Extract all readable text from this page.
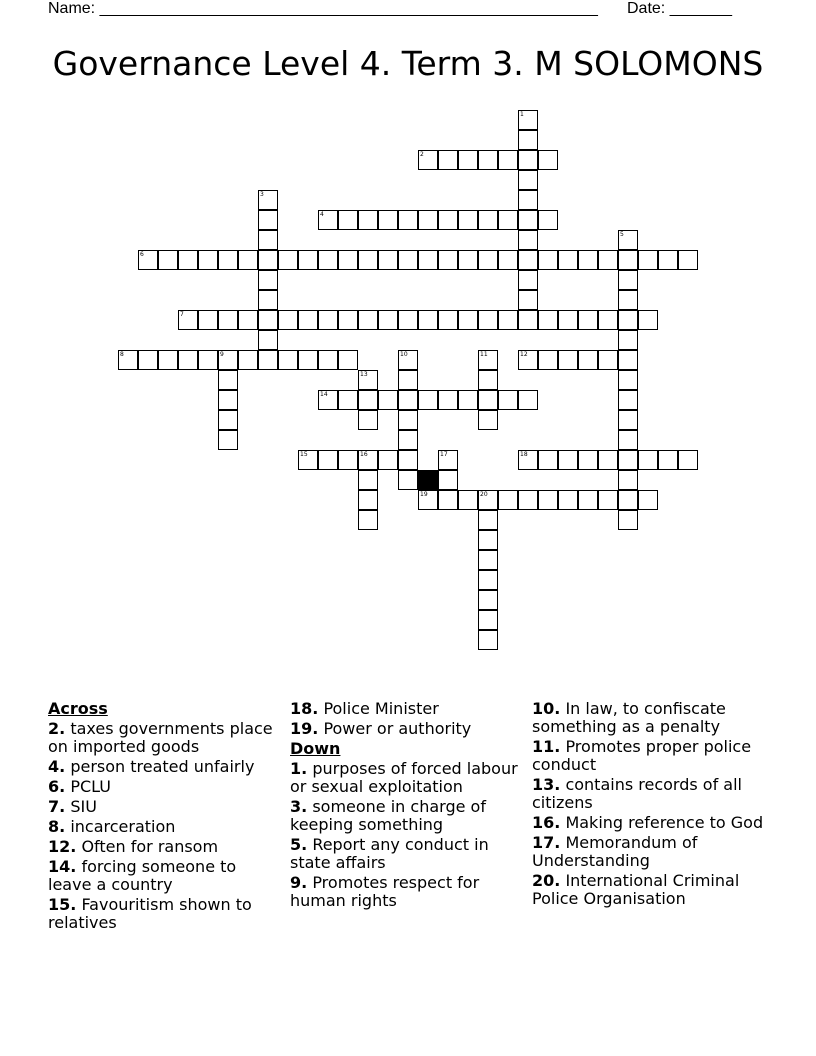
Name: ________________________________________________________ Date: _______
Governance Level 4. Term 3. M SOLOMONS
1
2
3
4
5
6
7
8	9	10	11	12
13
14
15	16	17	18
19	20
Across
2. taxes governments place on imported goods
4. person treated unfairly
6. PCLU
7. SIU
8. incarceration
12. Often for ransom
14. forcing someone to leave a country
15. Favouritism shown to relatives
18. Police Minister
19. Power or authority
Down
1. purposes of forced labour or sexual exploitation
3. someone in charge of keeping something
5. Report any conduct in state affairs
9. Promotes respect for human rights
10. In law, to confiscate something as a penalty
11. Promotes proper police conduct
13. contains records of all citizens
16. Making reference to God
17. Memorandum of Understanding
20. International Criminal Police Organisation
